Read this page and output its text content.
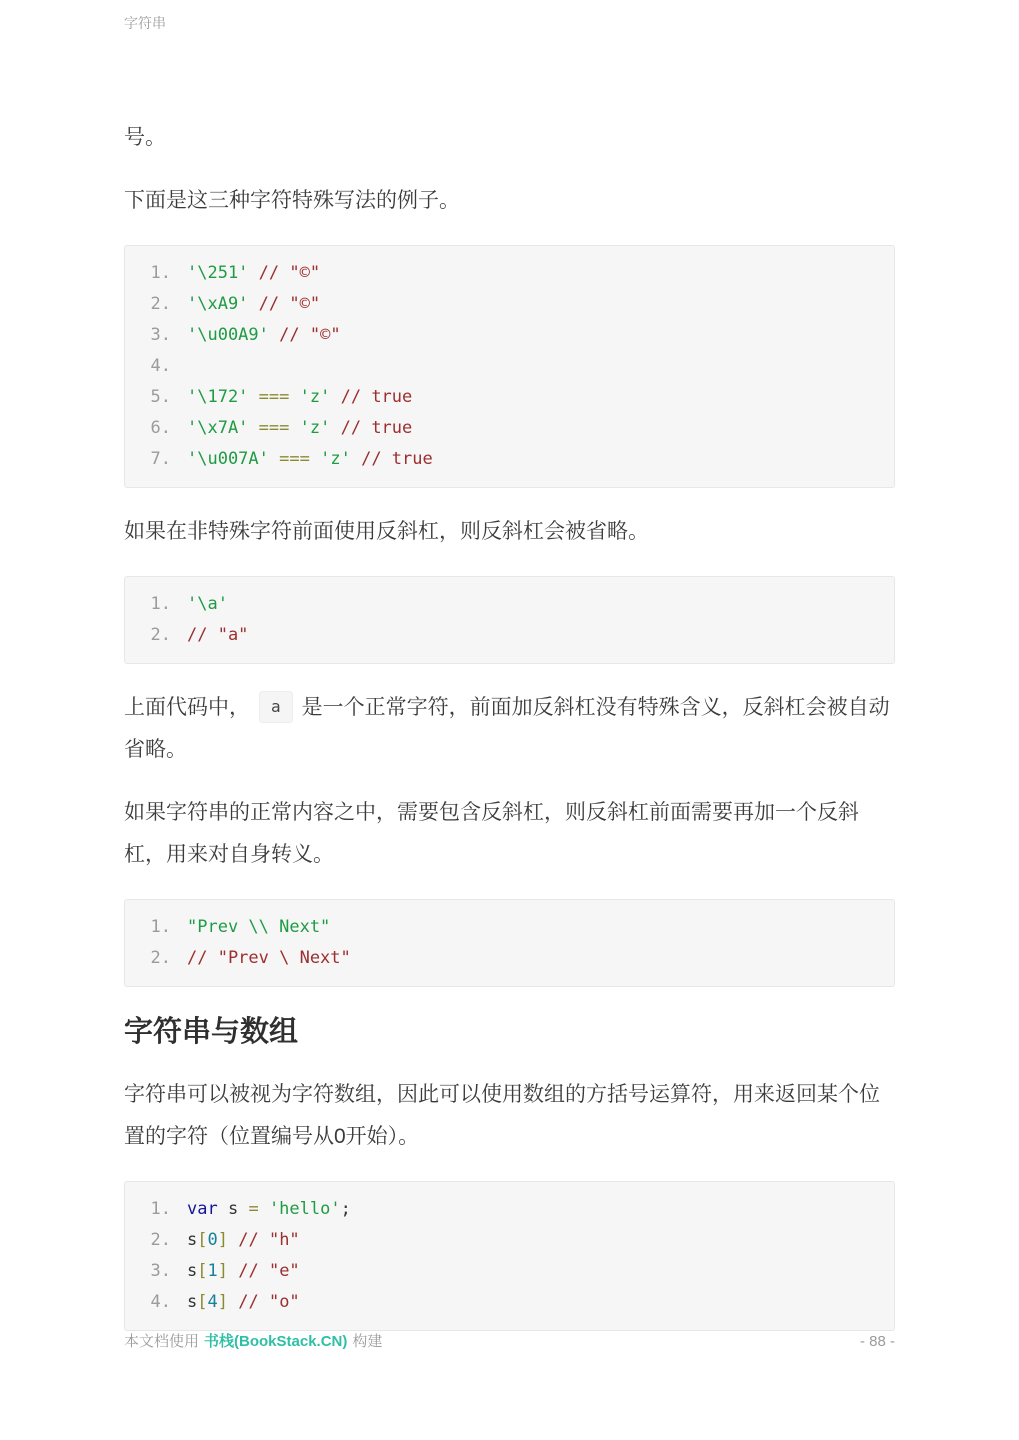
字符串

号。

下面是这三种字符特殊写法的例子。

1. '\251' // "©"
2. '\xA9' // "©"
3. '\u00A9' // "©"
4.
5. '\172' === 'z' // true
6. '\x7A' === 'z' // true
7. '\u007A' === 'z' // true

如果在非特殊字符前面使用反斜杠，则反斜杠会被省略。

1. '\a'
2. // "a"

上面代码中， a 是一个正常字符，前面加反斜杠没有特殊含义，反斜杠会被自动省略。

如果字符串的正常内容之中，需要包含反斜杠，则反斜杠前面需要再加一个反斜杠，用来对自身转义。

1. "Prev \\ Next"
2. // "Prev \ Next"
字符串与数组

字符串可以被视为字符数组，因此可以使用数组的方括号运算符，用来返回某个位置的字符（位置编号从0开始）。

1. var s = 'hello';
2. s[0] // "h"
3. s[1] // "e"
4. s[4] // "o"
本文档使用 书栈(BookStack.CN) 构建	- 88 -
